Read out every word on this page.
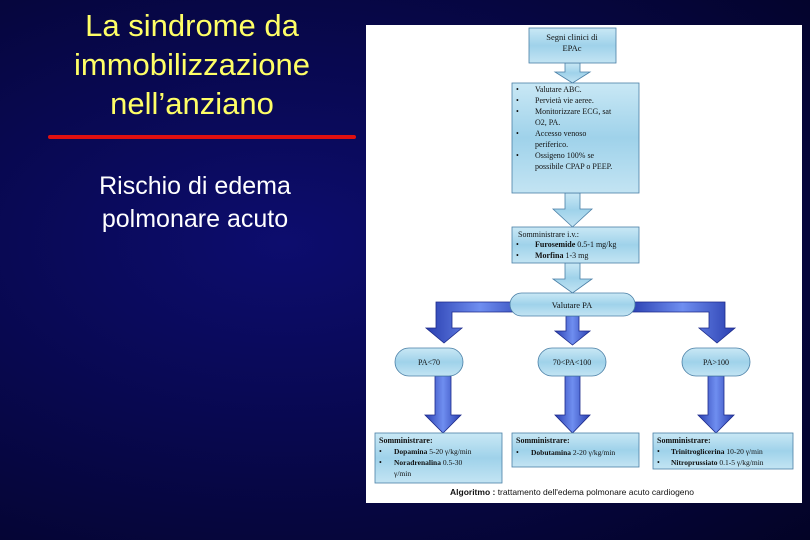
La sindrome da
immobilizzazione
nell’anziano
Rischio di edema
polmonare acuto
Segni clinici di
EPAc
• Valutare ABC.
• Pervietà vie aeree.
• Monitorizzare ECG, sat
O2, PA.
• Accesso venoso
periferico.
• Ossigeno 100% se
possibile CPAP o PEEP.
Somministrare i.v.:
• Furosemide 0.5-1 mg/kg
• Morfina 1-3 mg
Valutare PA
PA<70	70<PA<100	PA>100
Somministrare:
• Dopamina 5-20 γ/kg/min
• Noradrenalina 0.5-30
γ/min
Somministrare:
• Dobutamina 2-20 γ/kg/min
Somministrare:
• Trinitroglicerina 10-20 γ/min
• Nitroprussiato 0.1-5 γ/kg/min
Algoritmo : trattamento dell'edema polmonare acuto cardiogeno
